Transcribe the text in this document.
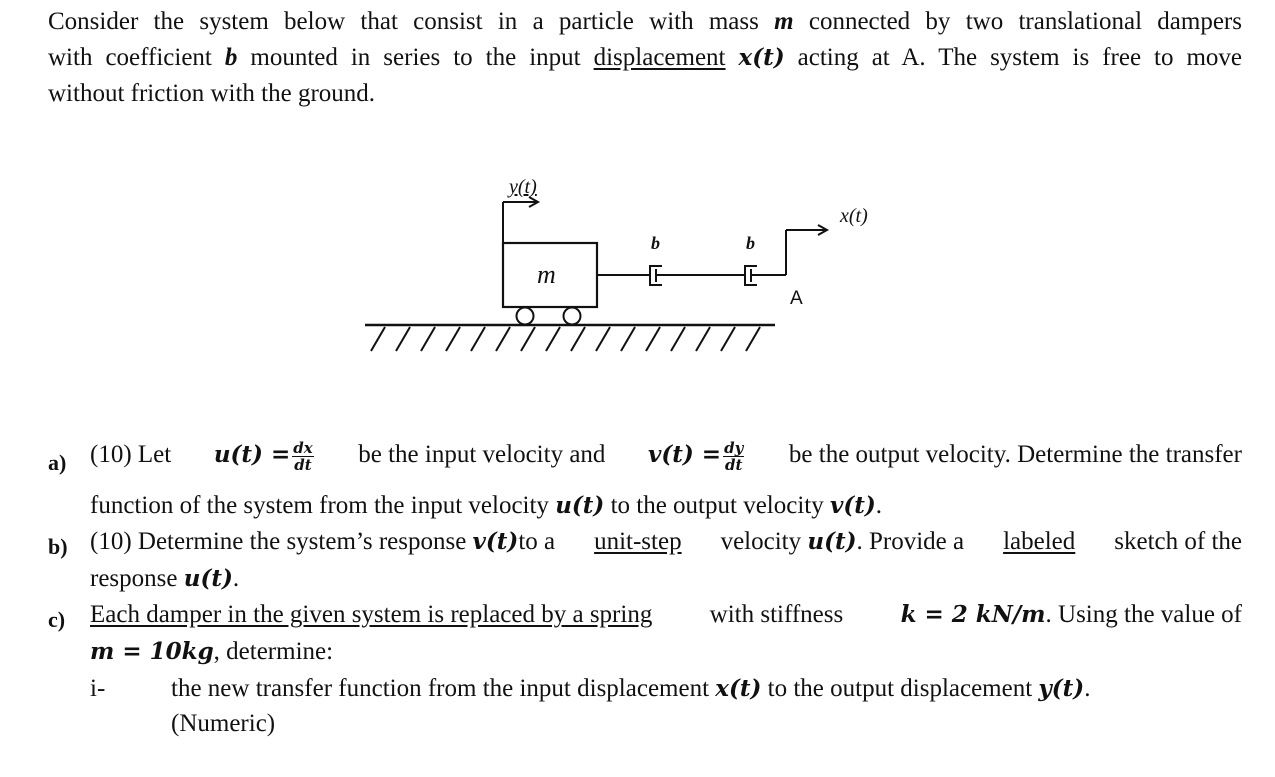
Consider the system below that consist in a particle with mass m connected by two translational dampers
with coefficient b mounted in series to the input displacement x(t) acting at A. The system is free to move
without friction with the ground.
y(t)
x(t)
m
b	b
A
a) (10) Let $u(t) = \frac{dx}{dt}$ be the input velocity and $v(t) = \frac{dy}{dt}$ be the output velocity. Determine the transfer
function of the system from the input velocity u(t) to the output velocity v(t).
b) (10) Determine the system’s response v(t)to a unit-step velocity u(t). Provide a labeled sketch of the
response u(t).
c) Each damper in the given system is replaced by a spring with stiffness k = 2 kN/m. Using the value of
m = 10kg, determine:
i-	the new transfer function from the input displacement x(t) to the output displacement y(t).
(Numeric)
